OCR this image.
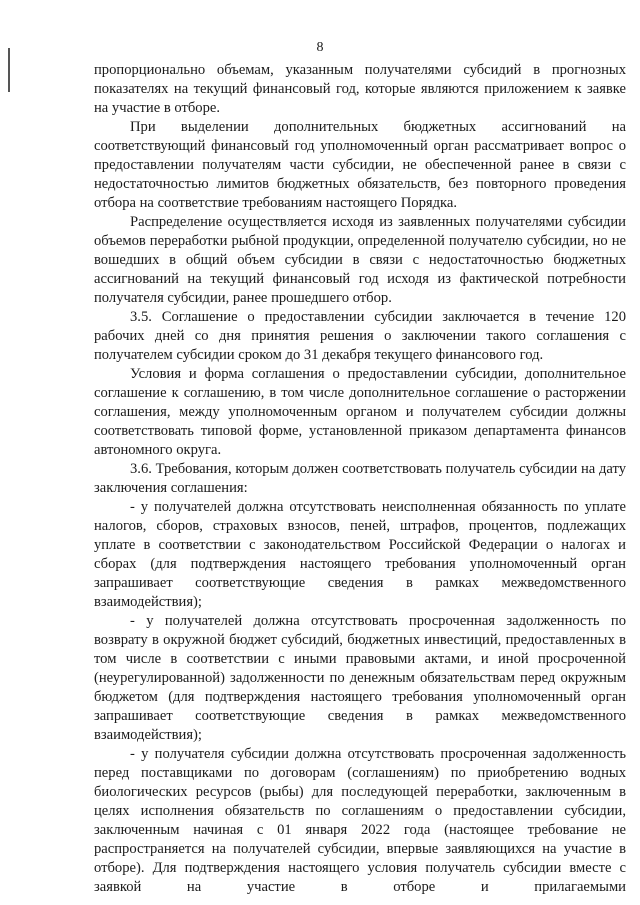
8

пропорционально объемам, указанным получателями субсидий в прогнозных показателях на текущий финансовый год, которые являются приложением к заявке на участие в отборе.

При выделении дополнительных бюджетных ассигнований на соответствующий финансовый год уполномоченный орган рассматривает вопрос о предоставлении получателям части субсидии, не обеспеченной ранее в связи с недостаточностью лимитов бюджетных обязательств, без повторного проведения отбора на соответствие требованиям настоящего Порядка.

Распределение осуществляется исходя из заявленных получателями субсидии объемов переработки рыбной продукции, определенной получателю субсидии, но не вошедших в общий объем субсидии в связи с недостаточностью бюджетных ассигнований на текущий финансовый год исходя из фактической потребности получателя субсидии, ранее прошедшего отбор.

3.5. Соглашение о предоставлении субсидии заключается в течение 120 рабочих дней со дня принятия решения о заключении такого соглашения с получателем субсидии сроком до 31 декабря текущего финансового год.

Условия и форма соглашения о предоставлении субсидии, дополнительное соглашение к соглашению, в том числе дополнительное соглашение о расторжении соглашения, между уполномоченным органом и получателем субсидии должны соответствовать типовой форме, установленной приказом департамента финансов автономного округа.

3.6. Требования, которым должен соответствовать получатель субсидии на дату заключения соглашения:

- у получателей должна отсутствовать неисполненная обязанность по уплате налогов, сборов, страховых взносов, пеней, штрафов, процентов, подлежащих уплате в соответствии с законодательством Российской Федерации о налогах и сборах (для подтверждения настоящего требования уполномоченный орган запрашивает соответствующие сведения в рамках межведомственного взаимодействия);

- у получателей должна отсутствовать просроченная задолженность по возврату в окружной бюджет субсидий, бюджетных инвестиций, предоставленных в том числе в соответствии с иными правовыми актами, и иной просроченной (неурегулированной) задолженности по денежным обязательствам перед окружным бюджетом (для подтверждения настоящего требования уполномоченный орган запрашивает соответствующие сведения в рамках межведомственного взаимодействия);

- у получателя субсидии должна отсутствовать просроченная задолженность перед поставщиками по договорам (соглашениям) по приобретению водных биологических ресурсов (рыбы) для последующей переработки, заключенным в целях исполнения обязательств по соглашениям о предоставлении субсидии, заключенным начиная с 01 января 2022 года (настоящее требование не распространяется на получателей субсидии, впервые заявляющихся на участие в отборе). Для подтверждения настоящего условия получатель субсидии вместе с заявкой на участие в отборе и прилагаемыми
